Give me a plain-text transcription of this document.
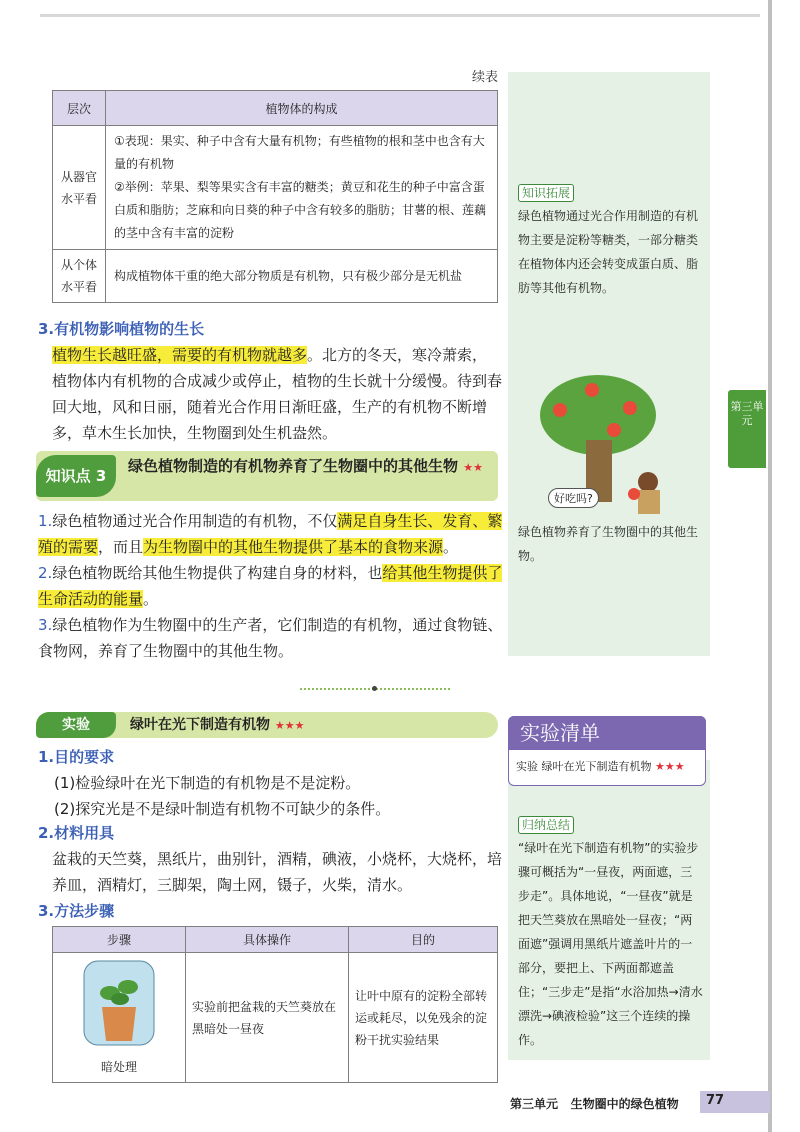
续表
层次	植物体的构成
从器官水平看	①表现：果实、种子中含有大量有机物；有些植物的根和茎中也含有大量的有机物
②举例：苹果、梨等果实含有丰富的糖类；黄豆和花生的种子中富含蛋白质和脂肪；芝麻和向日葵的种子中含有较多的脂肪；甘薯的根、莲藕的茎中含有丰富的淀粉

从个体水平看	构成植物体干重的绝大部分物质是有机物，只有极少部分是无机盐
3.有机物影响植物的生长
植物生长越旺盛，需要的有机物就越多。北方的冬天，寒冷萧索，植物体内有机物的合成减少或停止，植物的生长就十分缓慢。待到春回大地，风和日丽，随着光合作用日渐旺盛，生产的有机物不断增多，草木生长加快，生物圈到处生机盎然。
知识点 3
绿色植物制造的有机物养育了生物圈中的其他生物 ★★
1.绿色植物通过光合作用制造的有机物，不仅满足自身生长、发育、繁殖的需要，而且为生物圈中的其他生物提供了基本的食物来源。
2.绿色植物既给其他生物提供了构建自身的材料，也给其他生物提供了生命活动的能量。
3.绿色植物作为生物圈中的生产者，它们制造的有机物，通过食物链、食物网，养育了生物圈中的其他生物。
知识拓展
绿色植物通过光合作用制造的有机物主要是淀粉等糖类，一部分糖类在植物体内还会转变成蛋白质、脂肪等其他有机物。
好吃吗?
绿色植物养育了生物圈中的其他生物。
第三单元
实验	绿叶在光下制造有机物 ★★★
1.目的要求
(1)检验绿叶在光下制造的有机物是不是淀粉。
(2)探究光是不是绿叶制造有机物不可缺少的条件。
2.材料用具
盆栽的天竺葵，黑纸片，曲别针，酒精，碘液，小烧杯，大烧杯，培养皿，酒精灯，三脚架，陶土网，镊子，火柴，清水。
3.方法步骤
步骤	具体操作	目的

暗处理	实验前把盆栽的天竺葵放在黑暗处一昼夜	让叶中原有的淀粉全部转运或耗尽，以免残余的淀粉干扰实验结果
实验清单
实验 绿叶在光下制造有机物 ★★★
归纳总结
“绿叶在光下制造有机物”的实验步骤可概括为“一昼夜，两面遮，三步走”。具体地说，“一昼夜”就是把天竺葵放在黑暗处一昼夜；“两面遮”强调用黑纸片遮盖叶片的一部分，要把上、下两面都遮盖住；“三步走”是指“水浴加热→清水漂洗→碘液检验”这三个连续的操作。
第三单元 生物圈中的绿色植物 77
